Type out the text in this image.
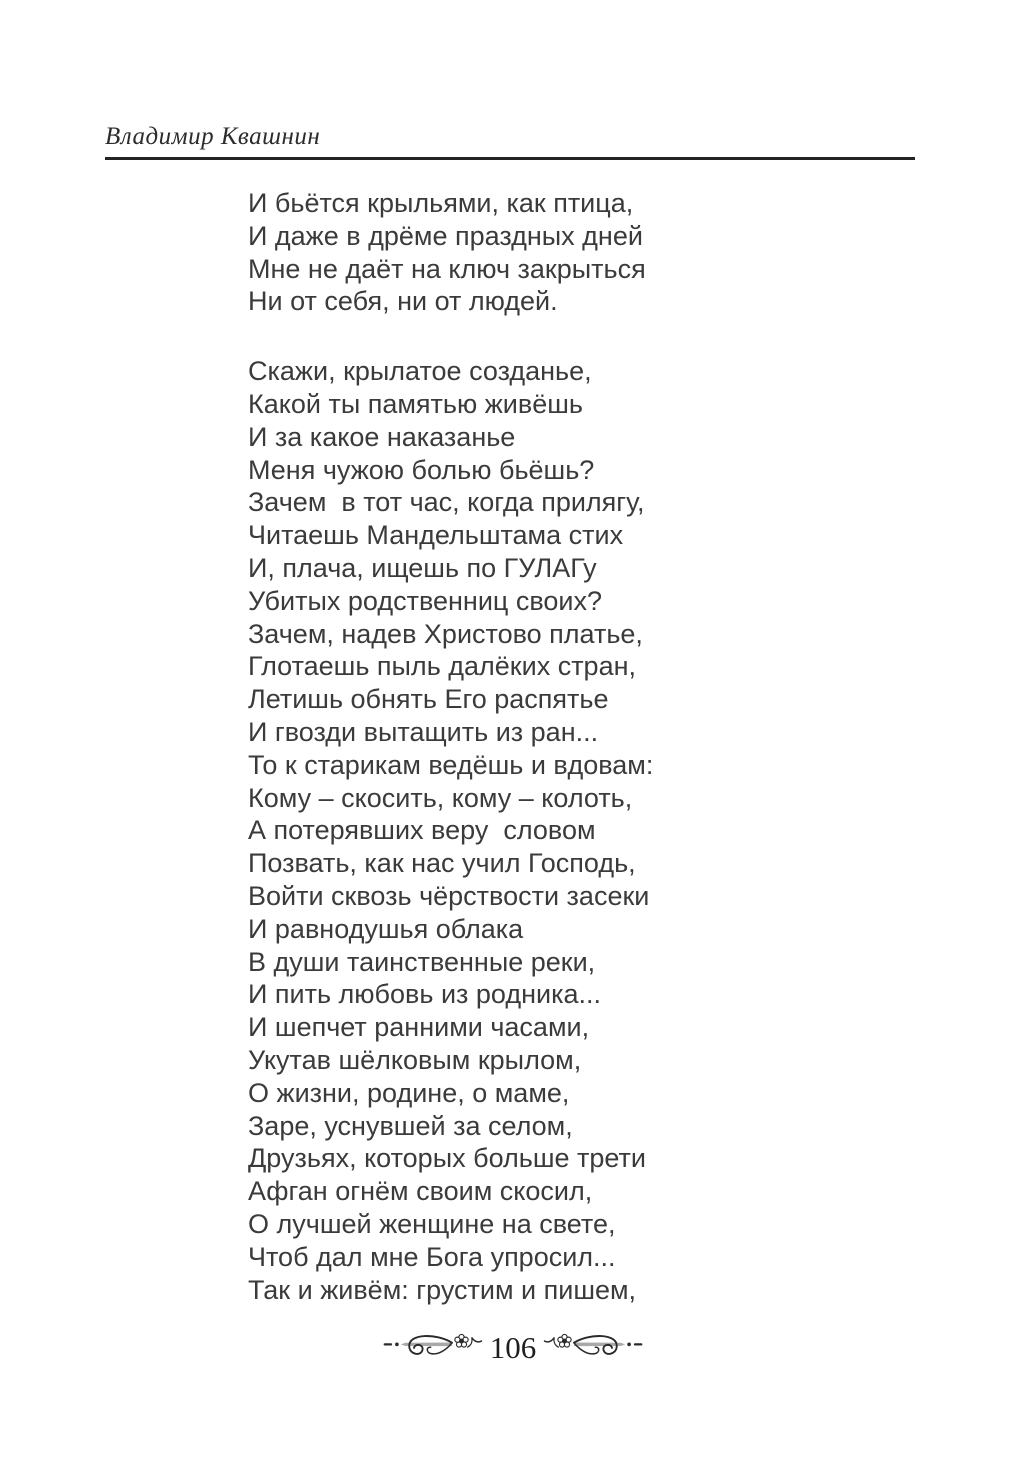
Владимир Квашнин
И бьётся крыльями, как птица,
И даже в дрёме праздных дней
Мне не даёт на ключ закрыться
Ни от себя, ни от людей.
Скажи, крылатое созданье,
Какой ты памятью живёшь
И за какое наказанье
Меня чужою болью бьёшь?
Зачем  в тот час, когда прилягу,
Читаешь Мандельштама стих
И, плача, ищешь по ГУЛАГу
Убитых родственниц своих?
Зачем, надев Христово платье,
Глотаешь пыль далёких стран,
Летишь обнять Его распятье
И гвозди вытащить из ран...
То к старикам ведёшь и вдовам:
Кому – скосить, кому – колоть,
А потерявших веру  словом
Позвать, как нас учил Господь,
Войти сквозь чёрствости засеки
И равнодушья облака
В души таинственные реки,
И пить любовь из родника...
И шепчет ранними часами,
Укутав шёлковым крылом,
О жизни, родине, о маме,
Заре, уснувшей за селом,
Друзьях, которых больше трети
Афган огнём своим скосил,
О лучшей женщине на свете,
Чтоб дал мне Бога упросил...
Так и живём: грустим и пишем,
106
